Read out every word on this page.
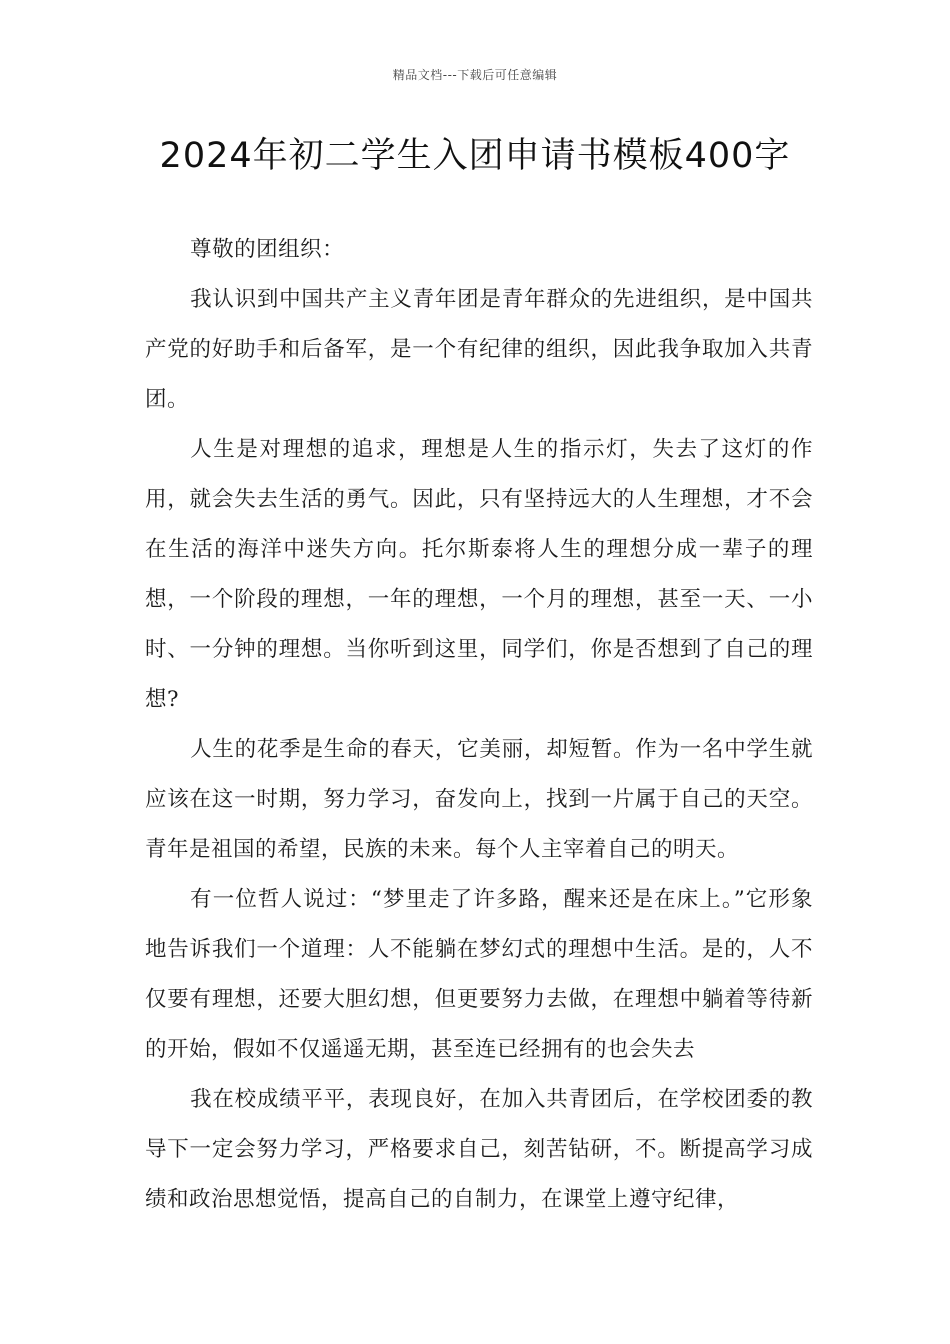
精品文档---下载后可任意编辑
2024年初二学生入团申请书模板400字

尊敬的团组织：

我认识到中国共产主义青年团是青年群众的先进组织，是中国共产党的好助手和后备军，是一个有纪律的组织，因此我争取加入共青团。

人生是对理想的追求，理想是人生的指示灯，失去了这灯的作用，就会失去生活的勇气。因此，只有坚持远大的人生理想，才不会在生活的海洋中迷失方向。托尔斯泰将人生的理想分成一辈子的理想，一个阶段的理想，一年的理想，一个月的理想，甚至一天、一小时、一分钟的理想。当你听到这里，同学们，你是否想到了自己的理想?

人生的花季是生命的春天，它美丽，却短暂。作为一名中学生就应该在这一时期，努力学习，奋发向上，找到一片属于自己的天空。青年是祖国的希望，民族的未来。每个人主宰着自己的明天。

有一位哲人说过：“梦里走了许多路，醒来还是在床上。”它形象地告诉我们一个道理：人不能躺在梦幻式的理想中生活。是的，人不仅要有理想，还要大胆幻想，但更要努力去做，在理想中躺着等待新的开始，假如不仅遥遥无期，甚至连已经拥有的也会失去

我在校成绩平平，表现良好，在加入共青团后，在学校团委的教导下一定会努力学习，严格要求自己，刻苦钻研，不。断提高学习成绩和政治思想觉悟，提高自己的自制力，在课堂上遵守纪律，
